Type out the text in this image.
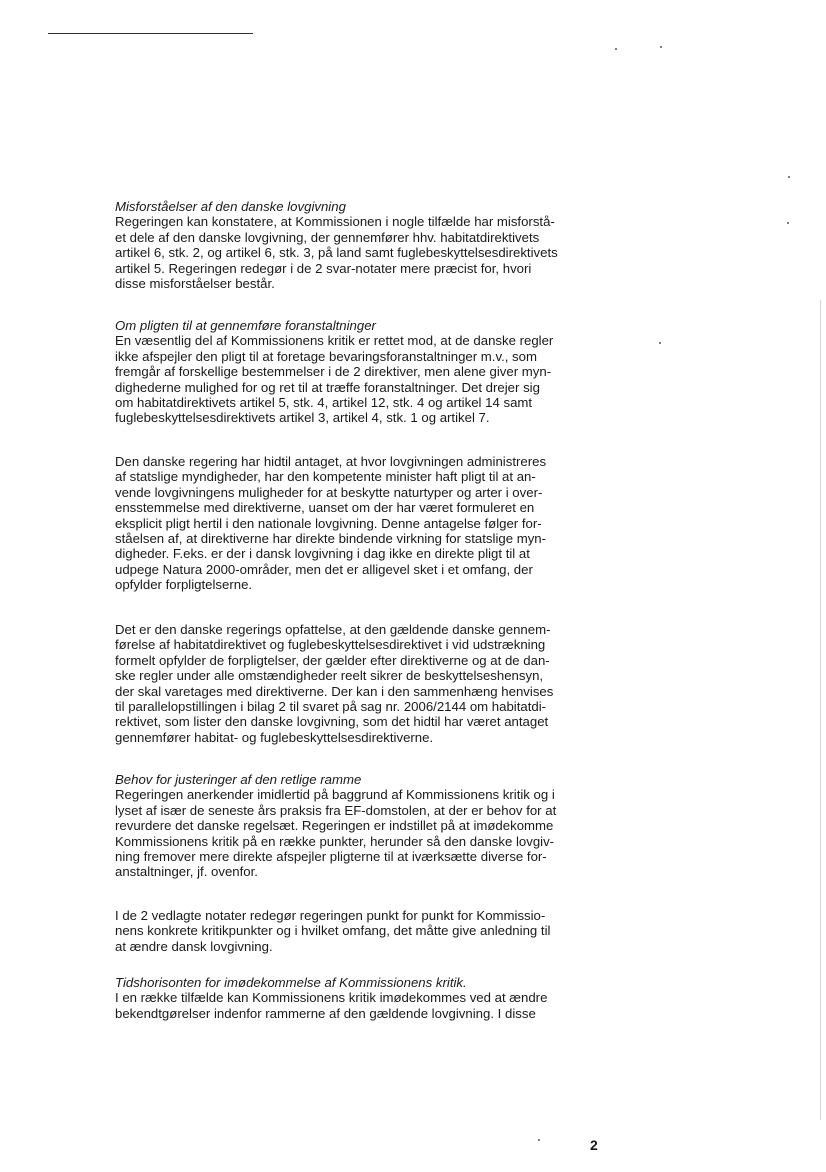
Misforståelser af den danske lovgivning

Regeringen kan konstatere, at Kommissionen i nogle tilfælde har misforstå-

et dele af den danske lovgivning, der gennemfører hhv. habitatdirektivets

artikel 6, stk. 2, og artikel 6, stk. 3, på land samt fuglebeskyttelsesdirektivets

artikel 5. Regeringen redegør i de 2 svar-notater mere præcist for, hvori

disse misforståelser består.

Om pligten til at gennemføre foranstaltninger

En væsentlig del af Kommissionens kritik er rettet mod, at de danske regler

ikke afspejler den pligt til at foretage bevaringsforanstaltninger m.v., som

fremgår af forskellige bestemmelser i de 2 direktiver, men alene giver myn-

dighederne mulighed for og ret til at træffe foranstaltninger. Det drejer sig

om habitatdirektivets artikel 5, stk. 4, artikel 12, stk. 4 og artikel 14 samt

fuglebeskyttelsesdirektivets artikel 3, artikel 4, stk. 1 og artikel 7.

Den danske regering har hidtil antaget, at hvor lovgivningen administreres

af statslige myndigheder, har den kompetente minister haft pligt til at an-

vende lovgivningens muligheder for at beskytte naturtyper og arter i over-

ensstemmelse med direktiverne, uanset om der har været formuleret en

eksplicit pligt hertil i den nationale lovgivning. Denne antagelse følger for-

ståelsen af, at direktiverne har direkte bindende virkning for statslige myn-

digheder. F.eks. er der i dansk lovgivning i dag ikke en direkte pligt til at

udpege Natura 2000-områder, men det er alligevel sket i et omfang, der

opfylder forpligtelserne.

Det er den danske regerings opfattelse, at den gældende danske gennem-

førelse af habitatdirektivet og fuglebeskyttelsesdirektivet i vid udstrækning

formelt opfylder de forpligtelser, der gælder efter direktiverne og at de dan-

ske regler under alle omstændigheder reelt sikrer de beskyttelseshensyn,

der skal varetages med direktiverne. Der kan i den sammenhæng henvises

til parallelopstillingen i bilag 2 til svaret på sag nr. 2006/2144 om habitatdi-

rektivet, som lister den danske lovgivning, som det hidtil har været antaget

gennemfører habitat- og fuglebeskyttelsesdirektiverne.

Behov for justeringer af den retlige ramme

Regeringen anerkender imidlertid på baggrund af Kommissionens kritik og i

lyset af især de seneste års praksis fra EF-domstolen, at der er behov for at

revurdere det danske regelsæt. Regeringen er indstillet på at imødekomme

Kommissionens kritik på en række punkter, herunder så den danske lovgiv-

ning fremover mere direkte afspejler pligterne til at iværksætte diverse for-

anstaltninger, jf. ovenfor.

I de 2 vedlagte notater redegør regeringen punkt for punkt for Kommissio-

nens konkrete kritikpunkter og i hvilket omfang, det måtte give anledning til

at ændre dansk lovgivning.

Tidshorisonten for imødekommelse af Kommissionens kritik.

I en række tilfælde kan Kommissionens kritik imødekommes ved at ændre

bekendtgørelser indenfor rammerne af den gældende lovgivning. I disse

2
